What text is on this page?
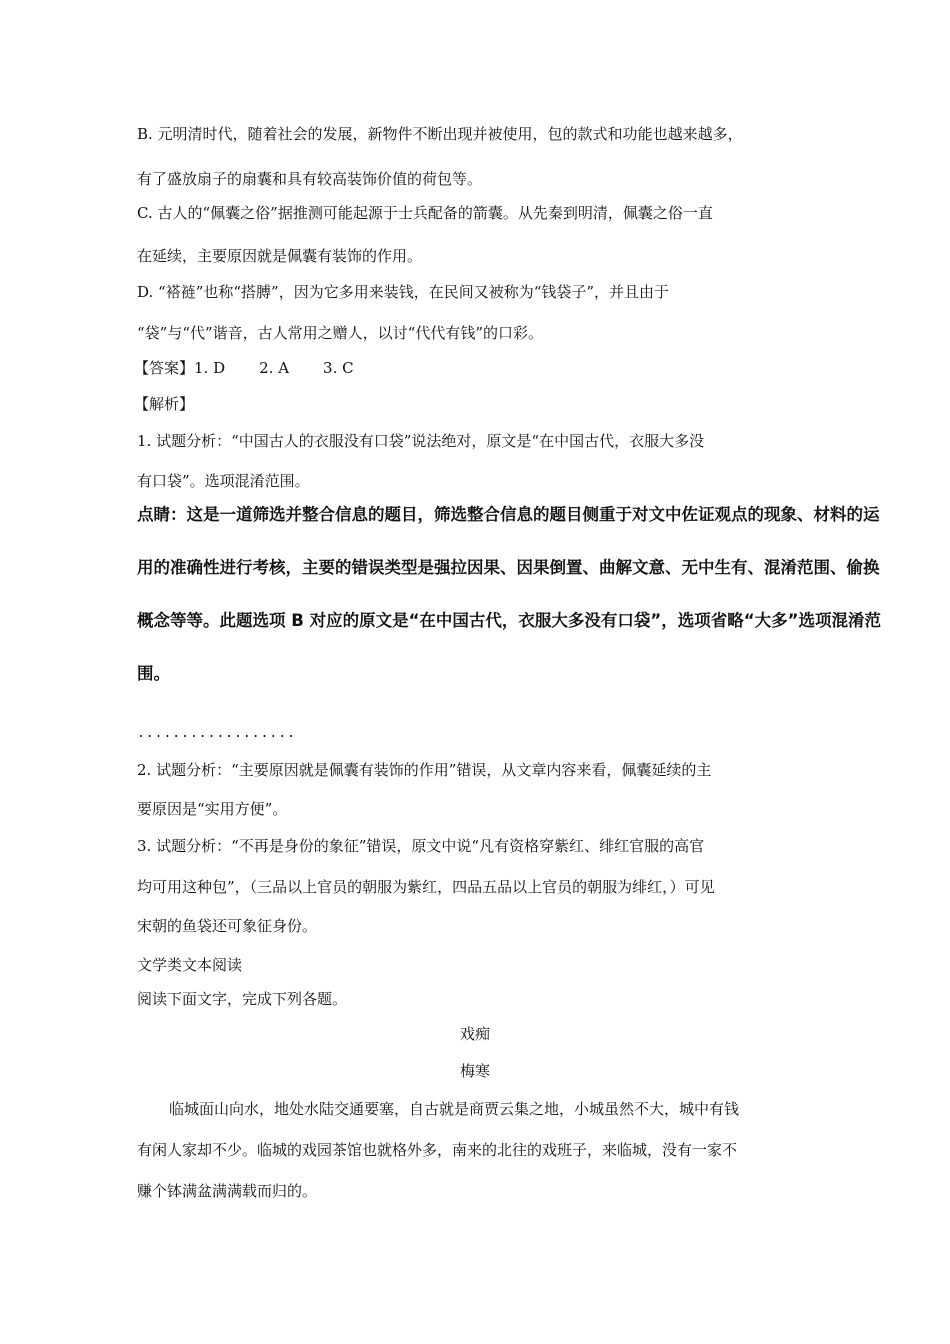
B. 元明清时代，随着社会的发展，新物件不断出现并被使用，包的款式和功能也越来越多，
有了盛放扇子的扇囊和具有较高装饰价值的荷包等。
C. 古人的“佩囊之俗”据推测可能起源于士兵配备的箭囊。从先秦到明清，佩囊之俗一直
在延续，主要原因就是佩囊有装饰的作用。
D. “褡裢”也称“搭膊”，因为它多用来装钱，在民间又被称为“钱袋子”，并且由于
“袋”与“代”谐音，古人常用之赠人，以讨“代代有钱”的口彩。
【答案】1. D 2. A 3. C
【解析】
1. 试题分析：“中国古人的衣服没有口袋”说法绝对，原文是“在中国古代，衣服大多没
有口袋”。选项混淆范围。
点睛：这是一道筛选并整合信息的题目，筛选整合信息的题目侧重于对文中佐证观点的现象、材料的运
用的准确性进行考核，主要的错误类型是强拉因果、因果倒置、曲解文意、无中生有、混淆范围、偷换
概念等等。此题选项 B 对应的原文是“在中国古代，衣服大多没有口袋”，选项省略“大多”选项混淆范
围。
..................
2. 试题分析：“主要原因就是佩囊有装饰的作用”错误，从文章内容来看，佩囊延续的主
要原因是“实用方便”。
3. 试题分析：“不再是身份的象征”错误，原文中说“凡有资格穿紫红、绯红官服的高官
均可用这种包”，（三品以上官员的朝服为紫红，四品五品以上官员的朝服为绯红，）可见
宋朝的鱼袋还可象征身份。
文学类文本阅读
阅读下面文字，完成下列各题。
戏痴
梅寒
临城面山向水，地处水陆交通要塞，自古就是商贾云集之地，小城虽然不大，城中有钱
有闲人家却不少。临城的戏园茶馆也就格外多，南来的北往的戏班子，来临城，没有一家不
赚个钵满盆满满载而归的。
